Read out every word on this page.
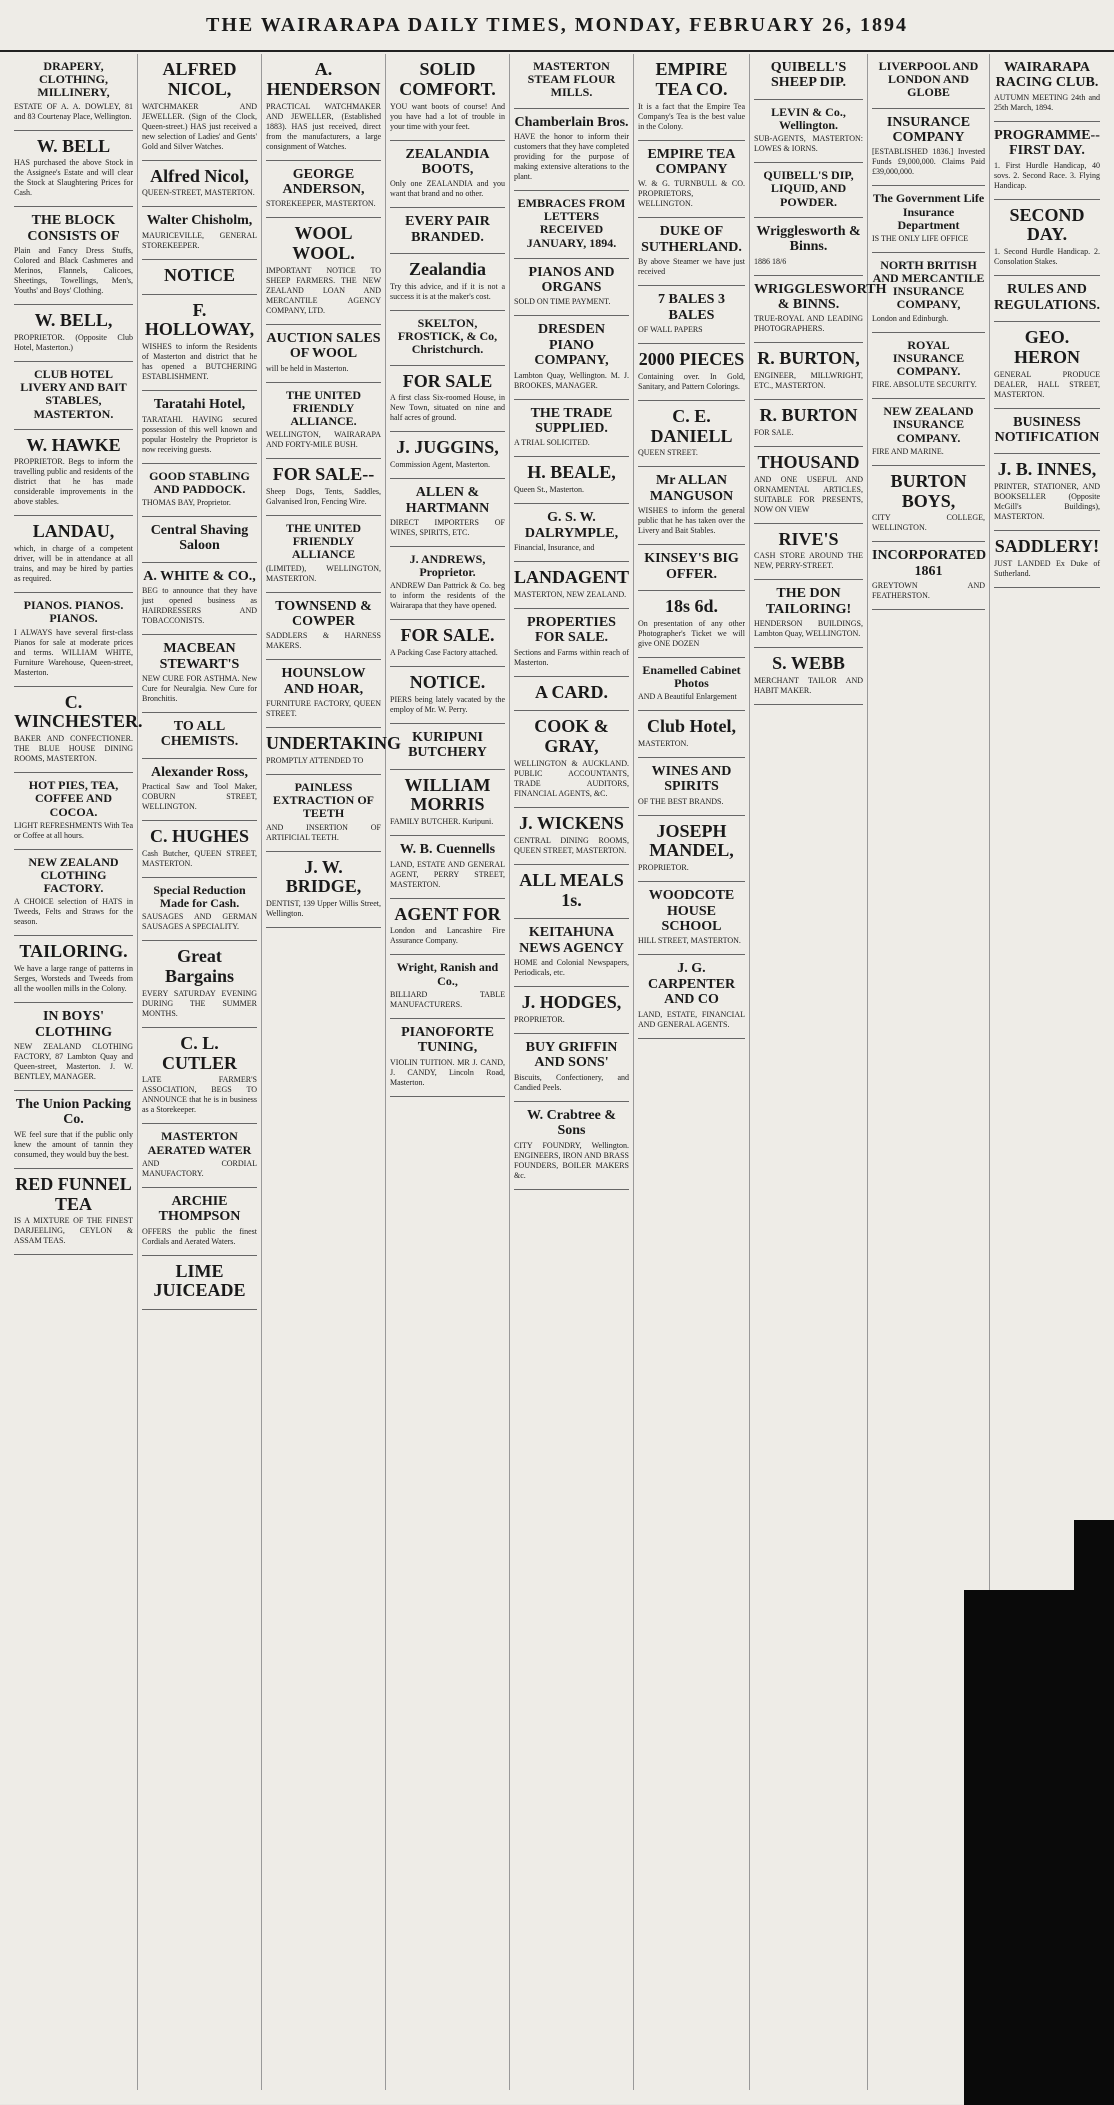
THE WAIRARAPA DAILY TIMES, MONDAY, FEBRUARY 26, 1894
DRAPERY, CLOTHING, MILLINERY,

ESTATE OF A. A. DOWLEY, 81 and 83 Courtenay Place, Wellington.

W. BELL

HAS purchased the above Stock in the Assignee's Estate and will clear the Stock at Slaughtering Prices for Cash.

THE BLOCK CONSISTS OF

Plain and Fancy Dress Stuffs, Colored and Black Cashmeres and Merinos, Flannels, Calicoes, Sheetings, Towellings, Men's, Youths' and Boys' Clothing.

W. BELL,

PROPRIETOR. (Opposite Club Hotel, Masterton.)

CLUB HOTEL LIVERY AND BAIT STABLES, MASTERTON.
W. HAWKE

PROPRIETOR. Begs to inform the travelling public and residents of the district that he has made considerable improvements in the above stables.

LANDAU,

which, in charge of a competent driver, will be in attendance at all trains, and may be hired by parties as required.

PIANOS. PIANOS. PIANOS.

I ALWAYS have several first-class Pianos for sale at moderate prices and terms. WILLIAM WHITE, Furniture Warehouse, Queen-street, Masterton.

C. WINCHESTER.

BAKER AND CONFECTIONER. THE BLUE HOUSE DINING ROOMS, MASTERTON.

HOT PIES, TEA, COFFEE AND COCOA.

LIGHT REFRESHMENTS With Tea or Coffee at all hours.

NEW ZEALAND CLOTHING FACTORY.

A CHOICE selection of HATS in Tweeds, Felts and Straws for the season.

TAILORING.

We have a large range of patterns in Serges, Worsteds and Tweeds from all the woollen mills in the Colony.

IN BOYS' CLOTHING

NEW ZEALAND CLOTHING FACTORY, 87 Lambton Quay and Queen-street, Masterton. J. W. BENTLEY, MANAGER.

The Union Packing Co.

WE feel sure that if the public only knew the amount of tannin they consumed, they would buy the best.

RED FUNNEL TEA

IS A MIXTURE OF THE FINEST DARJEELING, CEYLON & ASSAM TEAS.

ALFRED NICOL,

WATCHMAKER AND JEWELLER. (Sign of the Clock, Queen-street.) HAS just received a new selection of Ladies' and Gents' Gold and Silver Watches.

Alfred Nicol,

QUEEN-STREET, MASTERTON.

Walter Chisholm,

MAURICEVILLE, GENERAL STOREKEEPER.

NOTICE
F. HOLLOWAY,

WISHES to inform the Residents of Masterton and district that he has opened a BUTCHERING ESTABLISHMENT.

Taratahi Hotel,

TARATAHI. HAVING secured possession of this well known and popular Hostelry the Proprietor is now receiving guests.

GOOD STABLING AND PADDOCK.

THOMAS BAY, Proprietor.

Central Shaving Saloon
A. WHITE & CO.,

BEG to announce that they have just opened business as HAIRDRESSERS AND TOBACCONISTS.

MACBEAN STEWART'S

NEW CURE FOR ASTHMA. New Cure for Neuralgia. New Cure for Bronchitis.

TO ALL CHEMISTS.
Alexander Ross,

Practical Saw and Tool Maker, COBURN STREET, WELLINGTON.

C. HUGHES

Cash Butcher, QUEEN STREET, MASTERTON.

Special Reduction Made for Cash.

SAUSAGES AND GERMAN SAUSAGES A SPECIALITY.

Great Bargains

EVERY SATURDAY EVENING DURING THE SUMMER MONTHS.

C. L. CUTLER

LATE FARMER'S ASSOCIATION, BEGS TO ANNOUNCE that he is in business as a Storekeeper.

MASTERTON AERATED WATER

AND CORDIAL MANUFACTORY.

ARCHIE THOMPSON

OFFERS the public the finest Cordials and Aerated Waters.

LIME JUICEADE
A. HENDERSON

PRACTICAL WATCHMAKER AND JEWELLER, (Established 1883). HAS just received, direct from the manufacturers, a large consignment of Watches.

GEORGE ANDERSON,

STOREKEEPER, MASTERTON.

WOOL WOOL.

IMPORTANT NOTICE TO SHEEP FARMERS. THE NEW ZEALAND LOAN AND MERCANTILE AGENCY COMPANY, LTD.

AUCTION SALES OF WOOL

will be held in Masterton.

THE UNITED FRIENDLY ALLIANCE.

WELLINGTON, WAIRARAPA AND FORTY-MILE BUSH.

FOR SALE--

Sheep Dogs, Tents, Saddles, Galvanised Iron, Fencing Wire.

THE UNITED FRIENDLY ALLIANCE

(LIMITED), WELLINGTON, MASTERTON.

TOWNSEND & COWPER

SADDLERS & HARNESS MAKERS.

HOUNSLOW AND HOAR,

FURNITURE FACTORY, QUEEN STREET.

UNDERTAKING

PROMPTLY ATTENDED TO

PAINLESS EXTRACTION OF TEETH

AND INSERTION OF ARTIFICIAL TEETH.

J. W. BRIDGE,

DENTIST, 139 Upper Willis Street, Wellington.

SOLID COMFORT.

YOU want boots of course! And you have had a lot of trouble in your time with your feet.

ZEALANDIA BOOTS,

Only one ZEALANDIA and you want that brand and no other.

EVERY PAIR BRANDED.
Zealandia

Try this advice, and if it is not a success it is at the maker's cost.

SKELTON, FROSTICK, & Co, Christchurch.
FOR SALE

A first class Six-roomed House, in New Town, situated on nine and half acres of ground.

J. JUGGINS,

Commission Agent, Masterton.

ALLEN & HARTMANN

DIRECT IMPORTERS OF WINES, SPIRITS, ETC.

J. ANDREWS, Proprietor.

ANDREW Dan Pattrick & Co. beg to inform the residents of the Wairarapa that they have opened.

FOR SALE.

A Packing Case Factory attached.

NOTICE.

PIERS being lately vacated by the employ of Mr. W. Perry.

KURIPUNI BUTCHERY
WILLIAM MORRIS

FAMILY BUTCHER. Kuripuni.

W. B. Cuennells

LAND, ESTATE AND GENERAL AGENT, PERRY STREET, MASTERTON.

AGENT FOR

London and Lancashire Fire Assurance Company.

Wright, Ranish and Co.,

BILLIARD TABLE MANUFACTURERS.

PIANOFORTE TUNING,

VIOLIN TUITION. MR J. CAND, J. CANDY, Lincoln Road, Masterton.

MASTERTON STEAM FLOUR MILLS.
Chamberlain Bros.

HAVE the honor to inform their customers that they have completed providing for the purpose of making extensive alterations to the plant.

EMBRACES FROM LETTERS RECEIVED JANUARY, 1894.
PIANOS AND ORGANS

SOLD ON TIME PAYMENT.

DRESDEN PIANO COMPANY,

Lambton Quay, Wellington. M. J. BROOKES, MANAGER.

THE TRADE SUPPLIED.

A TRIAL SOLICITED.

H. BEALE,

Queen St., Masterton.

G. S. W. DALRYMPLE,

Financial, Insurance, and

LANDAGENT

MASTERTON, NEW ZEALAND.

PROPERTIES FOR SALE.

Sections and Farms within reach of Masterton.

A CARD.
COOK & GRAY,

WELLINGTON & AUCKLAND. PUBLIC ACCOUNTANTS, TRADE AUDITORS, FINANCIAL AGENTS, &C.

J. WICKENS

CENTRAL DINING ROOMS, QUEEN STREET, MASTERTON.

ALL MEALS 1s.
KEITAHUNA NEWS AGENCY

HOME and Colonial Newspapers, Periodicals, etc.

J. HODGES,

PROPRIETOR.

BUY GRIFFIN AND SONS'

Biscuits, Confectionery, and Candied Peels.

W. Crabtree & Sons

CITY FOUNDRY, Wellington. ENGINEERS, IRON AND BRASS FOUNDERS, BOILER MAKERS &c.

EMPIRE TEA CO.

It is a fact that the Empire Tea Company's Tea is the best value in the Colony.

EMPIRE TEA COMPANY

W. & G. TURNBULL & CO. PROPRIETORS, WELLINGTON.

DUKE OF SUTHERLAND.

By above Steamer we have just received

7 BALES 3 BALES

OF WALL PAPERS

2000 PIECES

Containing over. In Gold, Sanitary, and Pattern Colorings.

C. E. DANIELL

QUEEN STREET.

Mr ALLAN MANGUSON

WISHES to inform the general public that he has taken over the Livery and Bait Stables.

KINSEY'S BIG OFFER.
18s 6d.

On presentation of any other Photographer's Ticket we will give ONE DOZEN

Enamelled Cabinet Photos

AND A Beautiful Enlargement

Club Hotel,

MASTERTON.

WINES AND SPIRITS

OF THE BEST BRANDS.

JOSEPH MANDEL,

PROPRIETOR.

WOODCOTE HOUSE SCHOOL

HILL STREET, MASTERTON.

J. G. CARPENTER AND CO

LAND, ESTATE, FINANCIAL AND GENERAL AGENTS.

QUIBELL'S SHEEP DIP.
LEVIN & Co., Wellington.

SUB-AGENTS, MASTERTON: LOWES & IORNS.

QUIBELL'S DIP, LIQUID, AND POWDER.
Wrigglesworth & Binns.

1886 18/6

WRIGGLESWORTH & BINNS.

TRUE-ROYAL AND LEADING PHOTOGRAPHERS.

R. BURTON,

ENGINEER, MILLWRIGHT, ETC., MASTERTON.

R. BURTON

FOR SALE.

THOUSAND

AND ONE USEFUL AND ORNAMENTAL ARTICLES, SUITABLE FOR PRESENTS, NOW ON VIEW

RIVE'S

CASH STORE AROUND THE NEW, PERRY-STREET.

THE DON TAILORING!

HENDERSON BUILDINGS, Lambton Quay, WELLINGTON.

S. WEBB

MERCHANT TAILOR AND HABIT MAKER.

LIVERPOOL AND LONDON AND GLOBE
INSURANCE COMPANY

[ESTABLISHED 1836.] Invested Funds £9,000,000. Claims Paid £39,000,000.

The Government Life Insurance Department

IS THE ONLY LIFE OFFICE

NORTH BRITISH AND MERCANTILE INSURANCE COMPANY,

London and Edinburgh.

ROYAL INSURANCE COMPANY.

FIRE. ABSOLUTE SECURITY.

NEW ZEALAND INSURANCE COMPANY.

FIRE AND MARINE.

BURTON BOYS,

CITY COLLEGE, WELLINGTON.

INCORPORATED 1861

GREYTOWN AND FEATHERSTON.

WAIRARAPA RACING CLUB.

AUTUMN MEETING 24th and 25th March, 1894.

PROGRAMME--FIRST DAY.

1. First Hurdle Handicap, 40 sovs. 2. Second Race. 3. Flying Handicap.

SECOND DAY.

1. Second Hurdle Handicap. 2. Consolation Stakes.

RULES AND REGULATIONS.
GEO. HERON

GENERAL PRODUCE DEALER, HALL STREET, MASTERTON.

BUSINESS NOTIFICATION
J. B. INNES,

PRINTER, STATIONER, AND BOOKSELLER (Opposite McGill's Buildings), MASTERTON.

SADDLERY!

JUST LANDED Ex Duke of Sutherland.
